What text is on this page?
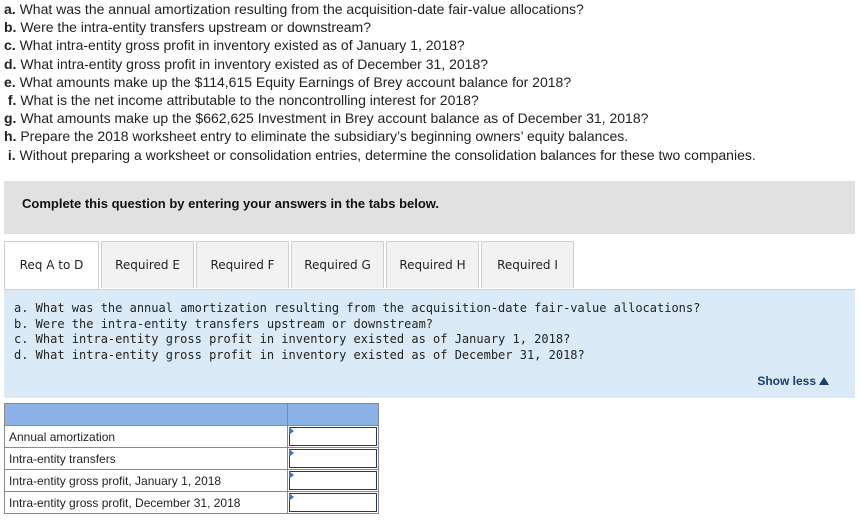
a. What was the annual amortization resulting from the acquisition-date fair-value allocations?
b. Were the intra-entity transfers upstream or downstream?
c. What intra-entity gross profit in inventory existed as of January 1, 2018?
d. What intra-entity gross profit in inventory existed as of December 31, 2018?
e. What amounts make up the $114,615 Equity Earnings of Brey account balance for 2018?
f. What is the net income attributable to the noncontrolling interest for 2018?
g. What amounts make up the $662,625 Investment in Brey account balance as of December 31, 2018?
h. Prepare the 2018 worksheet entry to eliminate the subsidiary’s beginning owners’ equity balances.
i. Without preparing a worksheet or consolidation entries, determine the consolidation balances for these two companies.
Complete this question by entering your answers in the tabs below.
Req A to D	Required E	Required F	Required G	Required H	Required I
a. What was the annual amortization resulting from the acquisition-date fair-value allocations?
b. Were the intra-entity transfers upstream or downstream?
c. What intra-entity gross profit in inventory existed as of January 1, 2018?
d. What intra-entity gross profit in inventory existed as of December 31, 2018?
Show less

Annual amortization	

Intra-entity transfers	

Intra-entity gross profit, January 1, 2018	

Intra-entity gross profit, December 31, 2018	
